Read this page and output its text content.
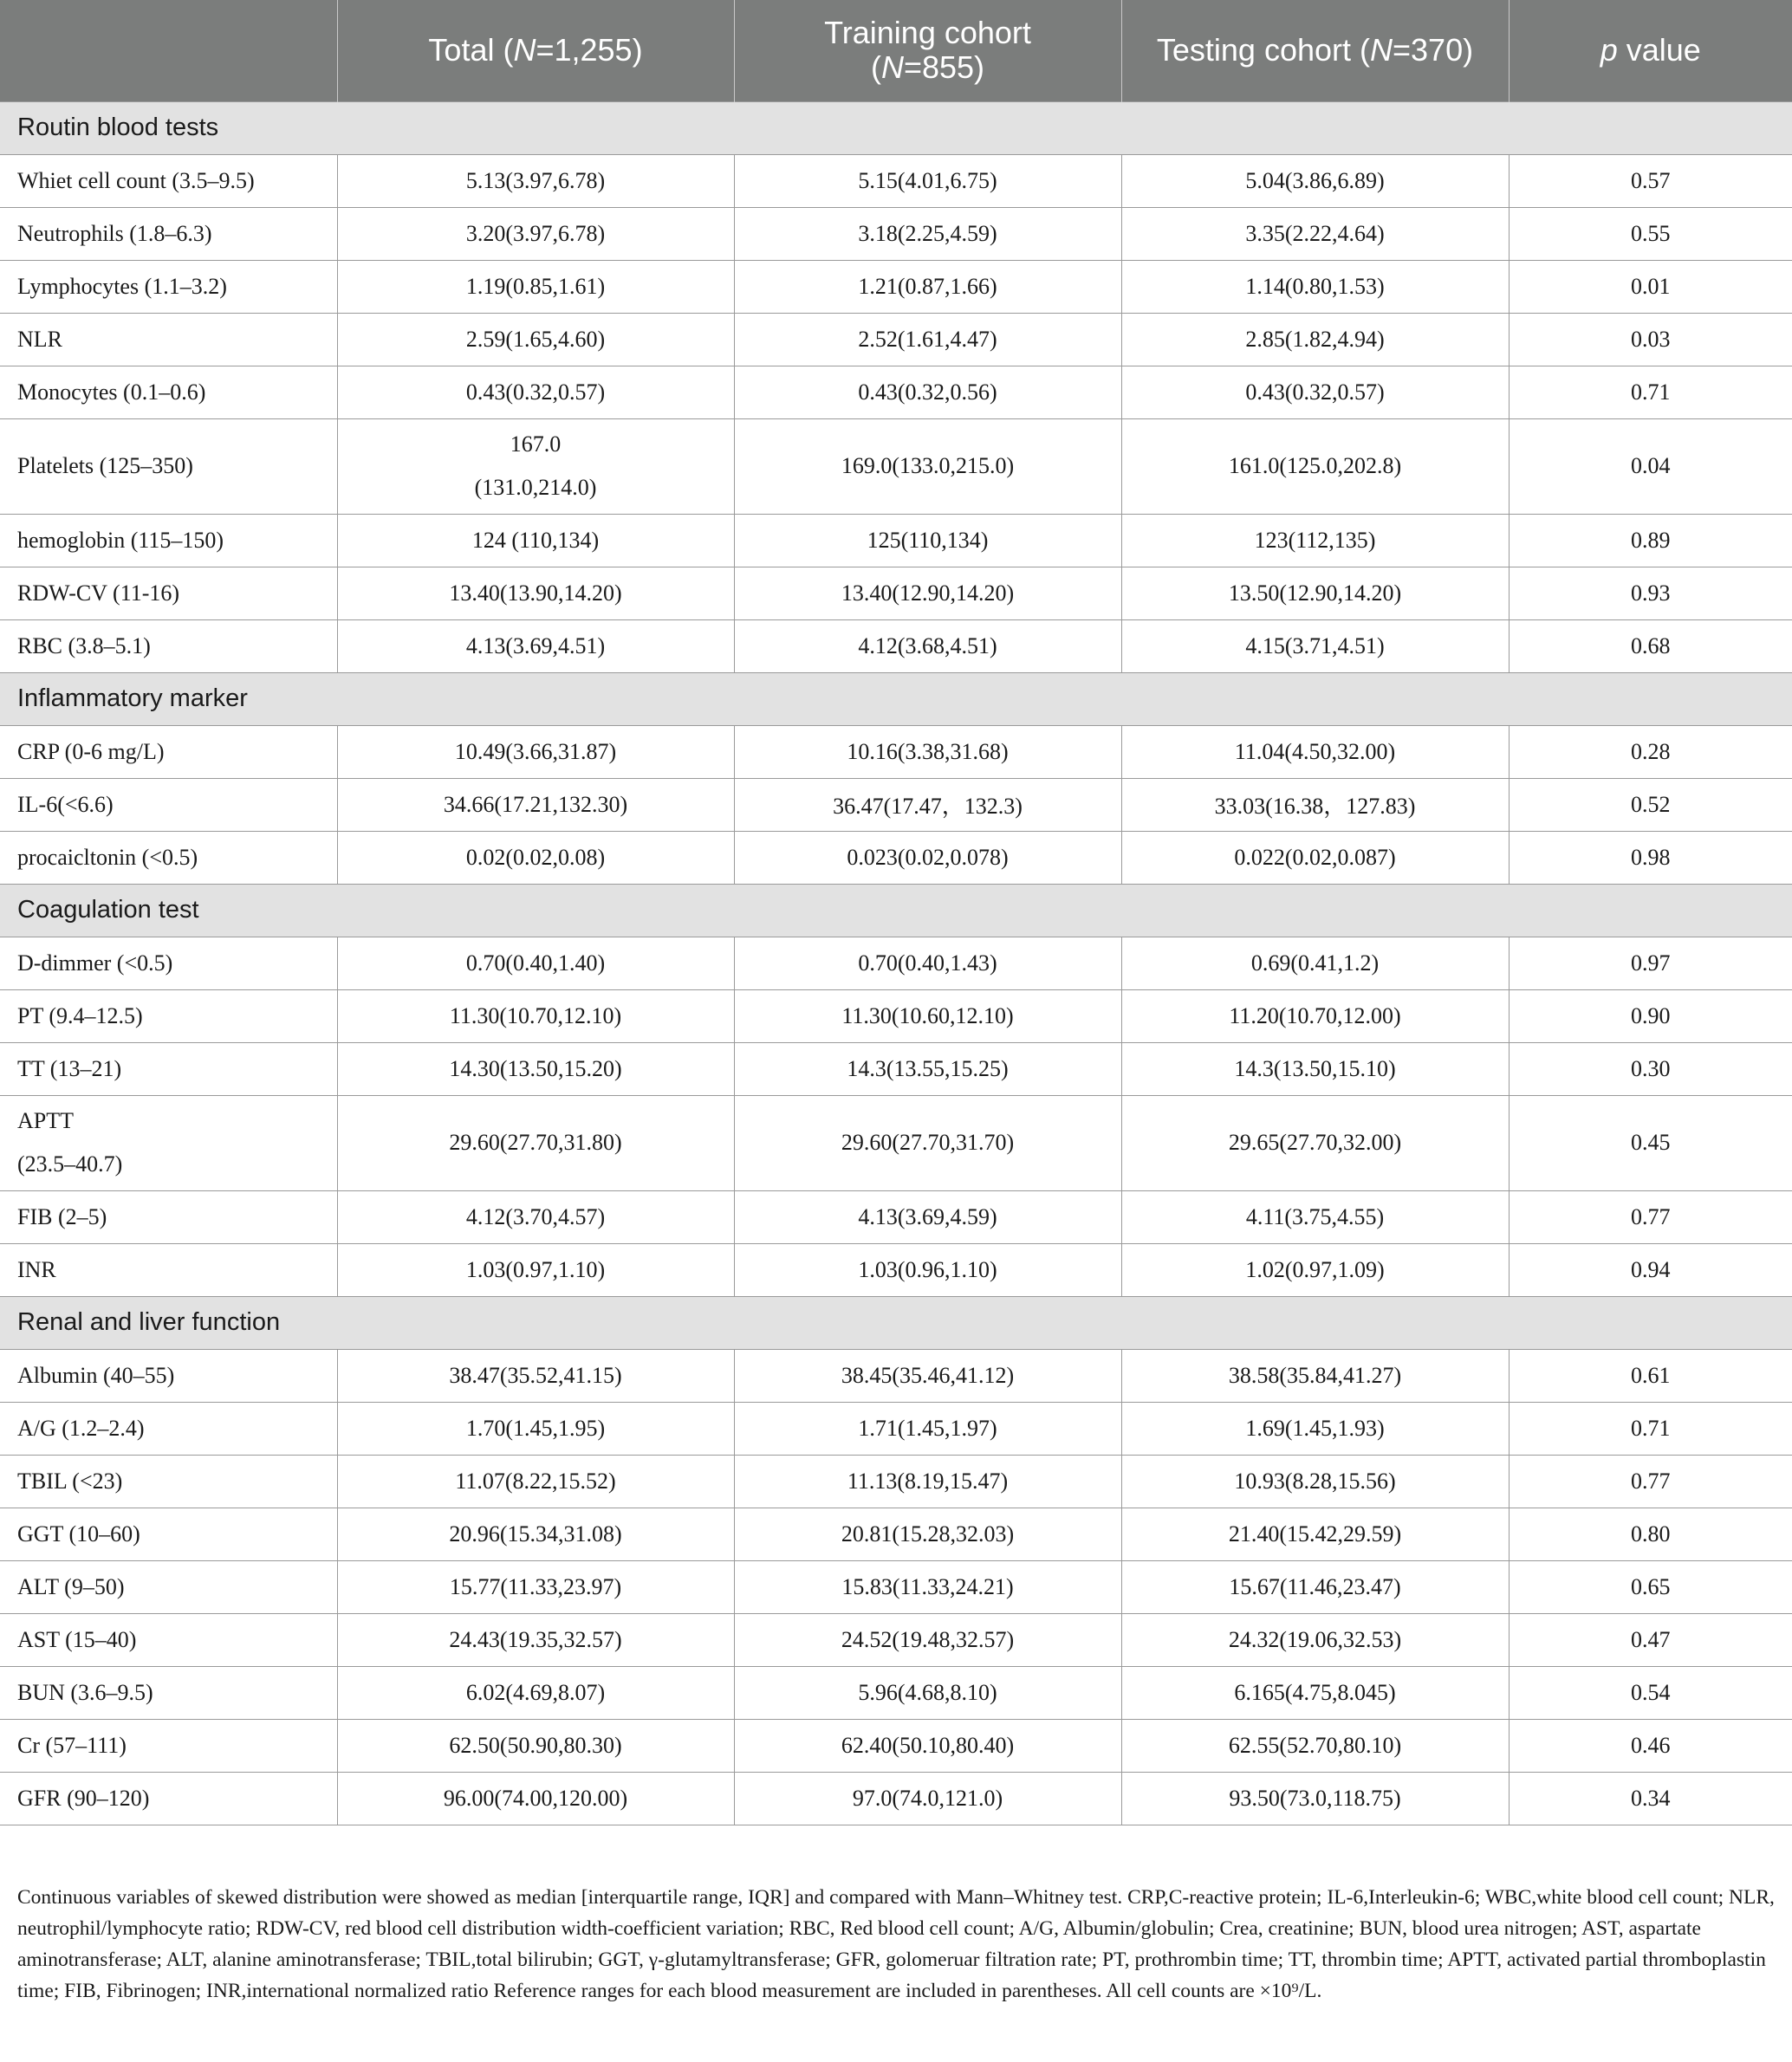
	Total (N=1,255)	Training cohort
(N=855)	Testing cohort (N=370)	p value
Routin blood tests				
Whiet cell count (3.5–9.5)	5.13(3.97,6.78)	5.15(4.01,6.75)	5.04(3.86,6.89)	0.57
Neutrophils (1.8–6.3)	3.20(3.97,6.78)	3.18(2.25,4.59)	3.35(2.22,4.64)	0.55
Lymphocytes (1.1–3.2)	1.19(0.85,1.61)	1.21(0.87,1.66)	1.14(0.80,1.53)	0.01
NLR	2.59(1.65,4.60)	2.52(1.61,4.47)	2.85(1.82,4.94)	0.03
Monocytes (0.1–0.6)	0.43(0.32,0.57)	0.43(0.32,0.56)	0.43(0.32,0.57)	0.71
Platelets (125–350)	167.0
(131.0,214.0)	169.0(133.0,215.0)	161.0(125.0,202.8)	0.04
hemoglobin (115–150)	124 (110,134)	125(110,134)	123(112,135)	0.89
RDW-CV (11-16)	13.40(13.90,14.20)	13.40(12.90,14.20)	13.50(12.90,14.20)	0.93
RBC (3.8–5.1)	4.13(3.69,4.51)	4.12(3.68,4.51)	4.15(3.71,4.51)	0.68
Inflammatory marker				
CRP (0-6 mg/L)	10.49(3.66,31.87)	10.16(3.38,31.68)	11.04(4.50,32.00)	0.28
IL-6(<6.6)	34.66(17.21,132.30)	36.47(17.47，132.3)	33.03(16.38，127.83)	0.52
procaicltonin (<0.5)	0.02(0.02,0.08)	0.023(0.02,0.078)	0.022(0.02,0.087)	0.98
Coagulation test				
D-dimmer (<0.5)	0.70(0.40,1.40)	0.70(0.40,1.43)	0.69(0.41,1.2)	0.97
PT (9.4–12.5)	11.30(10.70,12.10)	11.30(10.60,12.10)	11.20(10.70,12.00)	0.90
TT (13–21)	14.30(13.50,15.20)	14.3(13.55,15.25)	14.3(13.50,15.10)	0.30

APTT
(23.5–40.7)	29.60(27.70,31.80)	29.60(27.70,31.70)	29.65(27.70,32.00)	0.45
FIB (2–5)	4.12(3.70,4.57)	4.13(3.69,4.59)	4.11(3.75,4.55)	0.77
INR	1.03(0.97,1.10)	1.03(0.96,1.10)	1.02(0.97,1.09)	0.94
Renal and liver function				
Albumin (40–55)	38.47(35.52,41.15)	38.45(35.46,41.12)	38.58(35.84,41.27)	0.61
A/G (1.2–2.4)	1.70(1.45,1.95)	1.71(1.45,1.97)	1.69(1.45,1.93)	0.71
TBIL (<23)	11.07(8.22,15.52)	11.13(8.19,15.47)	10.93(8.28,15.56)	0.77
GGT (10–60)	20.96(15.34,31.08)	20.81(15.28,32.03)	21.40(15.42,29.59)	0.80
ALT (9–50)	15.77(11.33,23.97)	15.83(11.33,24.21)	15.67(11.46,23.47)	0.65
AST (15–40)	24.43(19.35,32.57)	24.52(19.48,32.57)	24.32(19.06,32.53)	0.47
BUN (3.6–9.5)	6.02(4.69,8.07)	5.96(4.68,8.10)	6.165(4.75,8.045)	0.54
Cr (57–111)	62.50(50.90,80.30)	62.40(50.10,80.40)	62.55(52.70,80.10)	0.46
GFR (90–120)	96.00(74.00,120.00)	97.0(74.0,121.0)	93.50(73.0,118.75)	0.34
Continuous variables of skewed distribution were showed as median [interquartile range, IQR] and compared with Mann–Whitney test. CRP,C-reactive protein; IL-6,Interleukin-6; WBC,white blood cell count; NLR, neutrophil/lymphocyte ratio; RDW-CV, red blood cell distribution width-coefficient variation; RBC, Red blood cell count; A/G, Albumin/globulin; Crea, creatinine; BUN, blood urea nitrogen; AST, aspartate aminotransferase; ALT, alanine aminotransferase; TBIL,total bilirubin; GGT, γ-glutamyltransferase; GFR, golomeruar filtration rate; PT, prothrombin time; TT, thrombin time; APTT, activated partial thromboplastin time; FIB, Fibrinogen; INR,international normalized ratio Reference ranges for each blood measurement are included in parentheses. All cell counts are ×10⁹/L.
